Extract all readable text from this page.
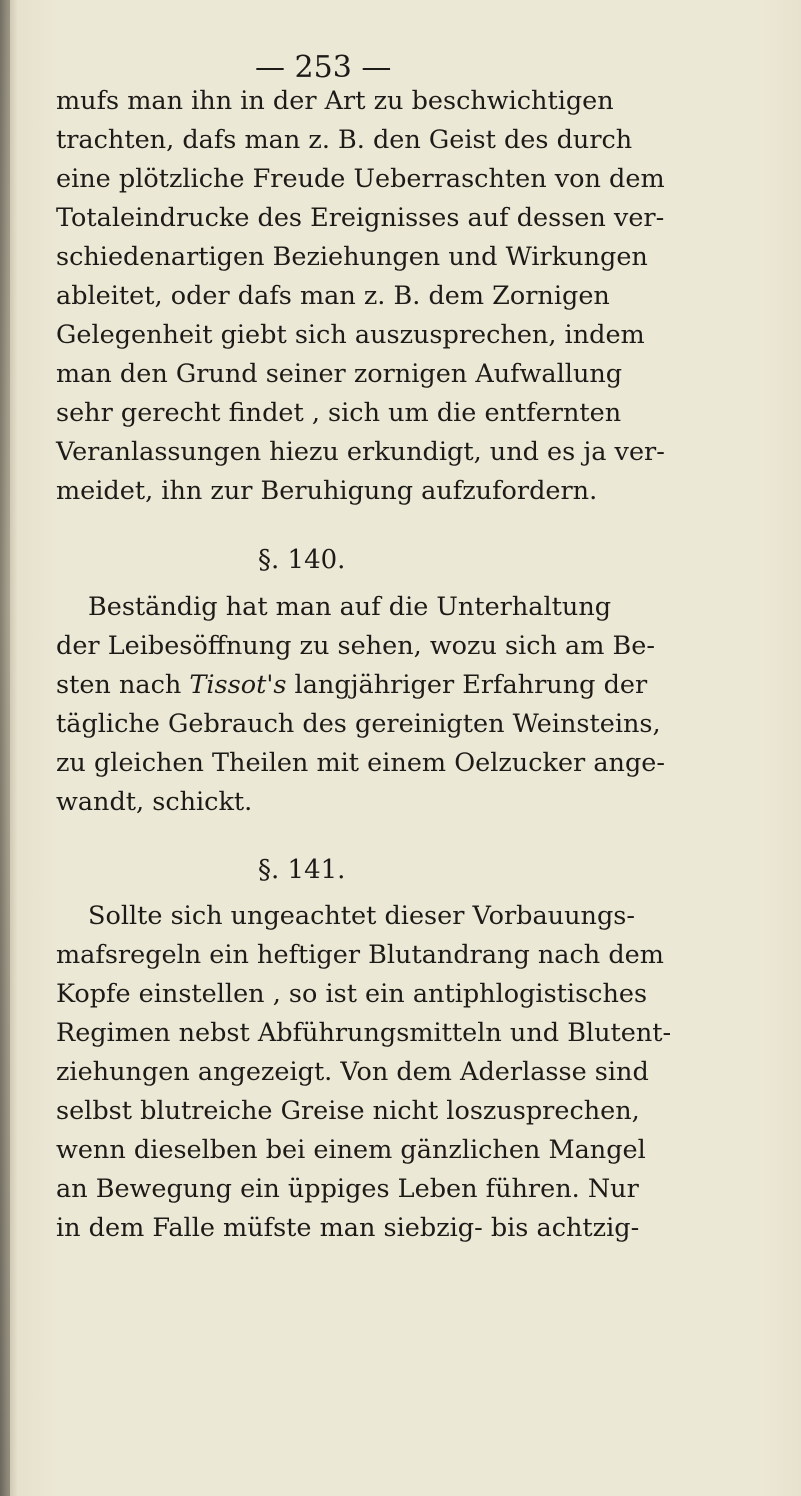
— 253 —
mufs man ihn in der Art zu beschwichtigen
trachten, dafs man z. B. den Geist des durch
eine plötzliche Freude Ueberraschten von dem
Totaleindrucke des Ereignisses auf dessen ver-
schiedenartigen Beziehungen und Wirkungen
ableitet, oder dafs man z. B. dem Zornigen
Gelegenheit giebt sich auszusprechen, indem
man den Grund seiner zornigen Aufwallung
sehr gerecht findet , sich um die entfernten
Veranlassungen hiezu erkundigt, und es ja ver-
meidet, ihn zur Beruhigung aufzufordern.
§. 140.
Beständig hat man auf die Unterhaltung
der Leibesöffnung zu sehen, wozu sich am Be-
sten nach Tissot's langjähriger Erfahrung der
tägliche Gebrauch des gereinigten Weinsteins,
zu gleichen Theilen mit einem Oelzucker ange-
wandt, schickt.
§. 141.
Sollte sich ungeachtet dieser Vorbauungs-
mafsregeln ein heftiger Blutandrang nach dem
Kopfe einstellen , so ist ein antiphlogistisches
Regimen nebst Abführungsmitteln und Blutent-
ziehungen angezeigt. Von dem Aderlasse sind
selbst blutreiche Greise nicht loszusprechen,
wenn dieselben bei einem gänzlichen Mangel
an Bewegung ein üppiges Leben führen. Nur
in dem Falle müfste man siebzig- bis achtzig-
